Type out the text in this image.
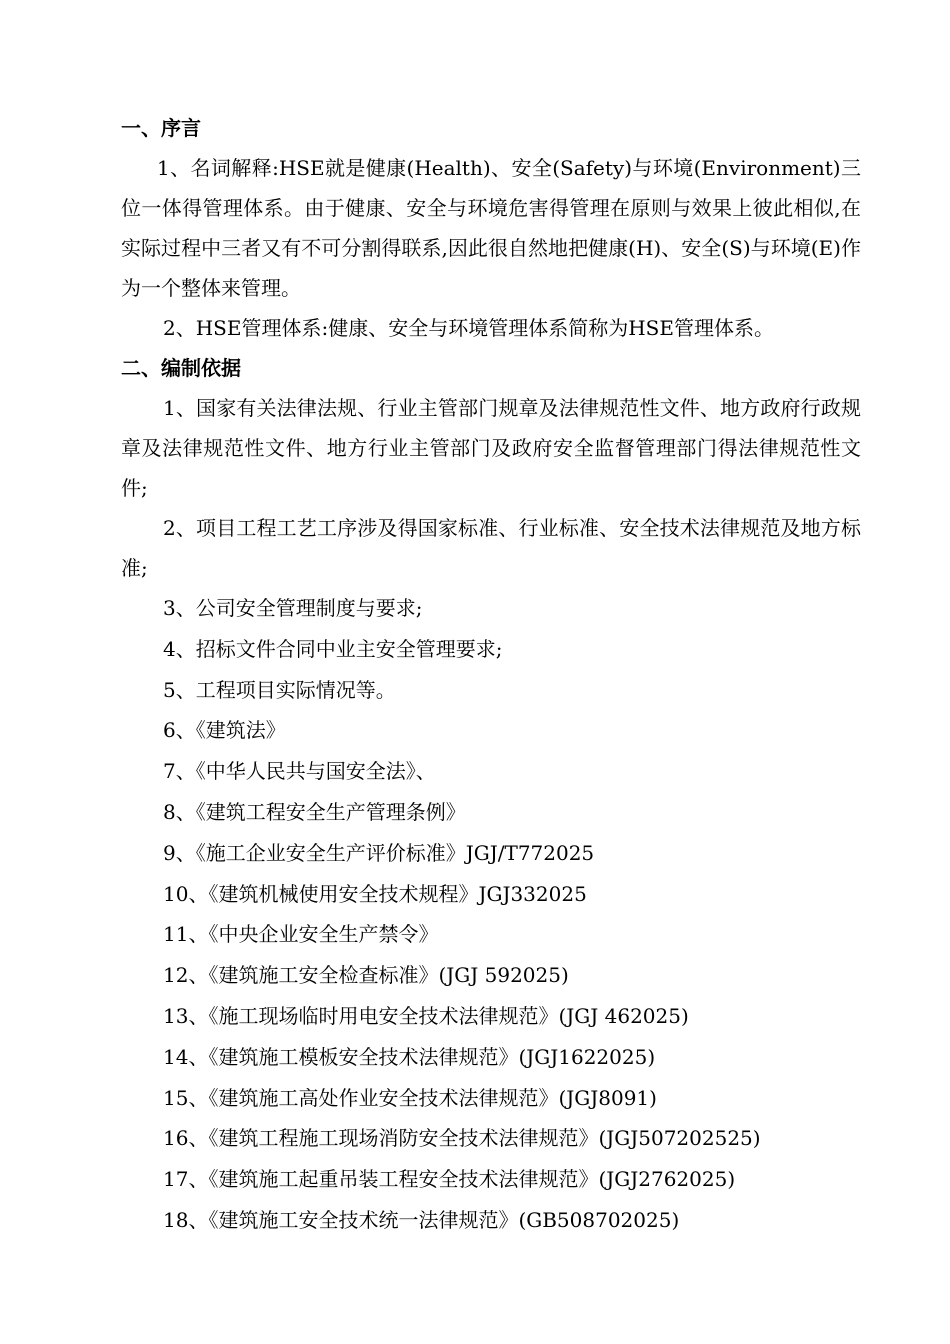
一、序言

1、名词解释:HSE就是健康(Health)、安全(Safety)与环境(Environment)三位一体得管理体系。由于健康、安全与环境危害得管理在原则与效果上彼此相似,在实际过程中三者又有不可分割得联系,因此很自然地把健康(H)、安全(S)与环境(E)作为一个整体来管理。

2、HSE管理体系:健康、安全与环境管理体系简称为HSE管理体系。

二、编制依据

1、国家有关法律法规、行业主管部门规章及法律规范性文件、地方政府行政规章及法律规范性文件、地方行业主管部门及政府安全监督管理部门得法律规范性文件;

2、项目工程工艺工序涉及得国家标准、行业标准、安全技术法律规范及地方标准;

3、公司安全管理制度与要求;
4、招标文件合同中业主安全管理要求;
5、工程项目实际情况等。
6、《建筑法》
7、《中华人民共与国安全法》、
8、《建筑工程安全生产管理条例》
9、《施工企业安全生产评价标准》JGJ/T772025
10、《建筑机械使用安全技术规程》JGJ332025
11、《中央企业安全生产禁令》
12、《建筑施工安全检查标准》(JGJ 592025)
13、《施工现场临时用电安全技术法律规范》(JGJ 462025)
14、《建筑施工模板安全技术法律规范》(JGJ1622025)
15、《建筑施工高处作业安全技术法律规范》(JGJ8091)
16、《建筑工程施工现场消防安全技术法律规范》(JGJ507202525)
17、《建筑施工起重吊装工程安全技术法律规范》(JGJ2762025)
18、《建筑施工安全技术统一法律规范》(GB508702025)
